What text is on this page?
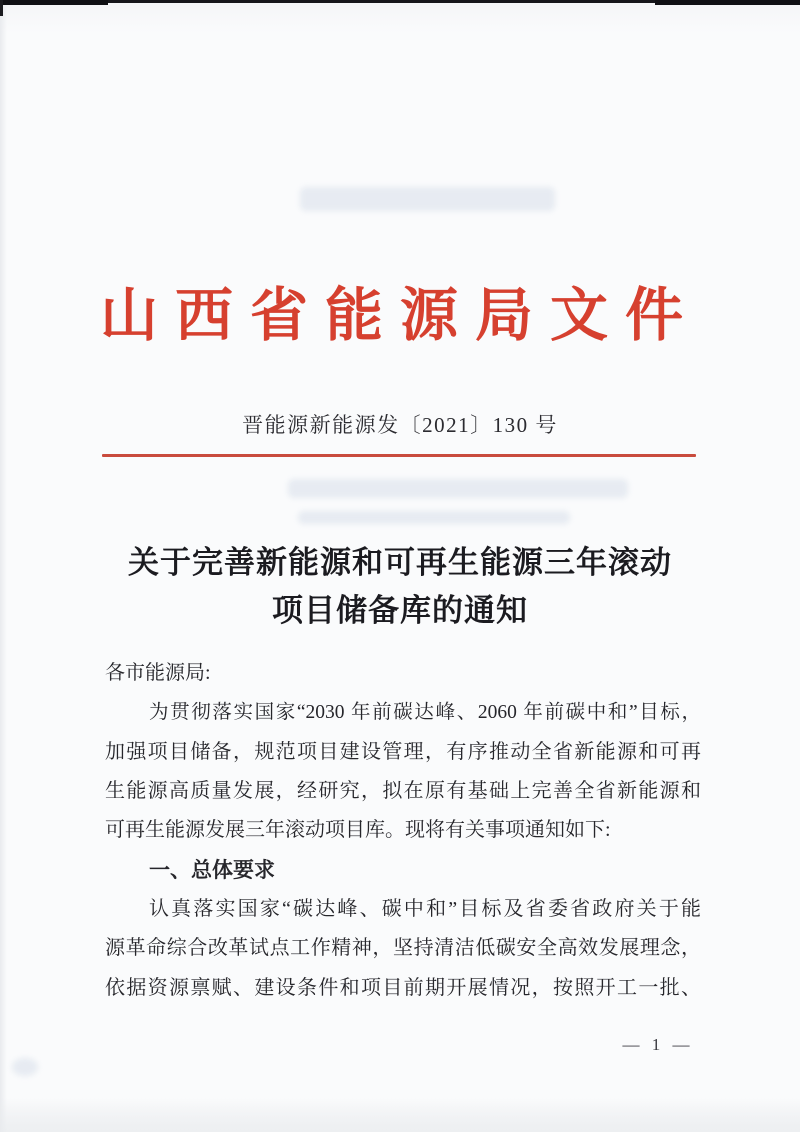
山西省能源局文件
晋能源新能源发〔2021〕130 号
关于完善新能源和可再生能源三年滚动
项目储备库的通知
各市能源局:
为贯彻落实国家“2030 年前碳达峰、2060 年前碳中和”目标，
加强项目储备，规范项目建设管理，有序推动全省新能源和可再
生能源高质量发展，经研究，拟在原有基础上完善全省新能源和
可再生能源发展三年滚动项目库。现将有关事项通知如下:
一、总体要求
认真落实国家“碳达峰、碳中和”目标及省委省政府关于能
源革命综合改革试点工作精神，坚持清洁低碳安全高效发展理念，
依据资源禀赋、建设条件和项目前期开展情况，按照开工一批、
— 1 —
